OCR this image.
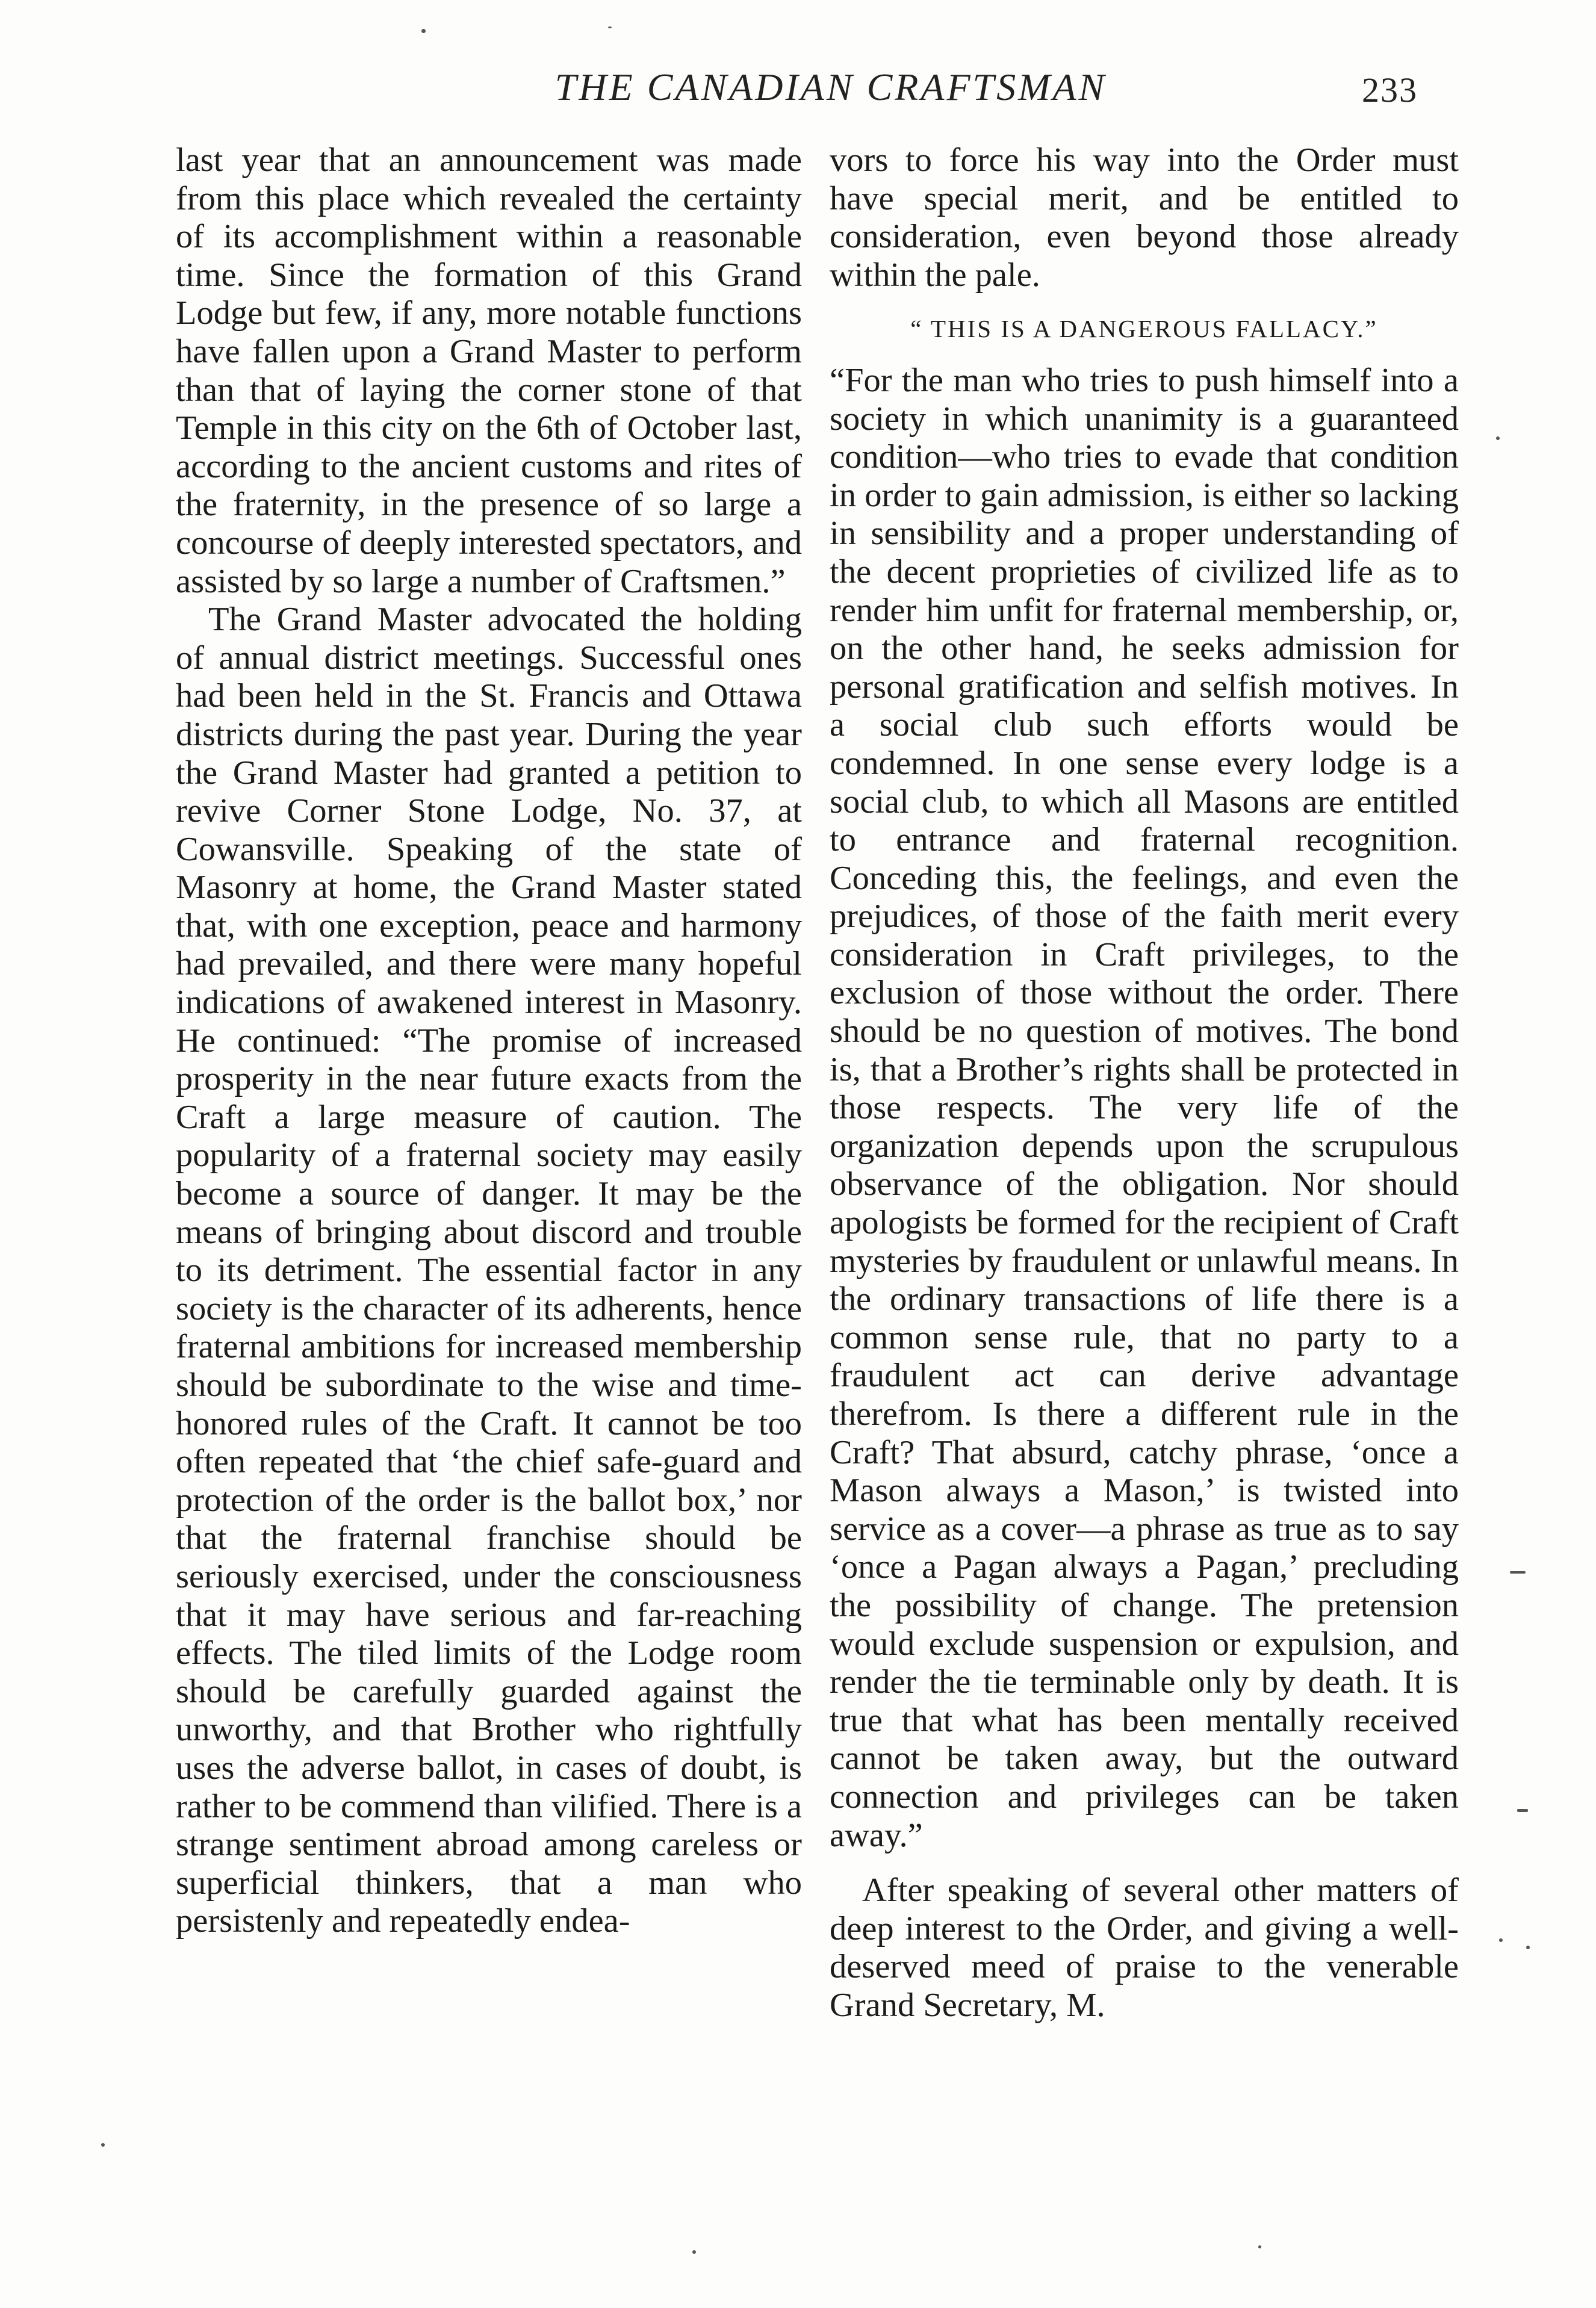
THE CANADIAN CRAFTSMAN	233

last year that an announcement was made from this place which revealed the certainty of its accomplishment within a reasonable time. Since the formation of this Grand Lodge but few, if any, more notable functions have fallen upon a Grand Master to perform than that of laying the corner stone of that Temple in this city on the 6th of October last, according to the ancient customs and rites of the fraternity, in the presence of so large a concourse of deeply interested spectators, and assisted by so large a number of Craftsmen.”

The Grand Master advocated the holding of annual district meetings. Successful ones had been held in the St. Francis and Ottawa districts during the past year. During the year the Grand Master had granted a petition to revive Corner Stone Lodge, No. 37, at Cowansville. Speaking of the state of Masonry at home, the Grand Master stated that, with one exception, peace and harmony had prevailed, and there were many hopeful indications of awakened interest in Masonry. He continued: “The promise of increased prosperity in the near future exacts from the Craft a large measure of caution. The popularity of a fraternal society may easily become a source of danger. It may be the means of bringing about discord and trouble to its detriment. The essential factor in any society is the character of its adherents, hence fraternal ambitions for increased membership should be subordinate to the wise and time-honored rules of the Craft. It cannot be too often repeated that ‘the chief safe-guard and protection of the order is the ballot box,’ nor that the fraternal franchise should be seriously exercised, under the consciousness that it may have serious and far-reaching effects. The tiled limits of the Lodge room should be carefully guarded against the unworthy, and that Brother who rightfully uses the adverse ballot, in cases of doubt, is rather to be commend than vilified. There is a strange sentiment abroad among careless or superficial thinkers, that a man who persistenly and repeatedly endea-

vors to force his way into the Order must have special merit, and be entitled to consideration, even beyond those already within the pale.

“ THIS IS A DANGEROUS FALLACY.”

“For the man who tries to push himself into a society in which unanimity is a guaranteed condition—who tries to evade that condition in order to gain admission, is either so lacking in sensibility and a proper understanding of the decent proprieties of civilized life as to render him unfit for fraternal membership, or, on the other hand, he seeks admission for personal gratification and selfish motives. In a social club such efforts would be condemned. In one sense every lodge is a social club, to which all Masons are entitled to entrance and fraternal recognition. Conceding this, the feelings, and even the prejudices, of those of the faith merit every consideration in Craft privileges, to the exclusion of those without the order. There should be no question of motives. The bond is, that a Brother’s rights shall be protected in those respects. The very life of the organization depends upon the scrupulous observance of the obligation. Nor should apologists be formed for the recipient of Craft mysteries by fraudulent or unlawful means. In the ordinary transactions of life there is a common sense rule, that no party to a fraudulent act can derive advantage therefrom. Is there a different rule in the Craft? That absurd, catchy phrase, ‘once a Mason always a Mason,’ is twisted into service as a cover—a phrase as true as to say ‘once a Pagan always a Pagan,’ precluding the possibility of change. The pretension would exclude suspension or expulsion, and render the tie terminable only by death. It is true that what has been mentally received cannot be taken away, but the outward connection and privileges can be taken away.”

After speaking of several other matters of deep interest to the Order, and giving a well-deserved meed of praise to the venerable Grand Secretary, M.
